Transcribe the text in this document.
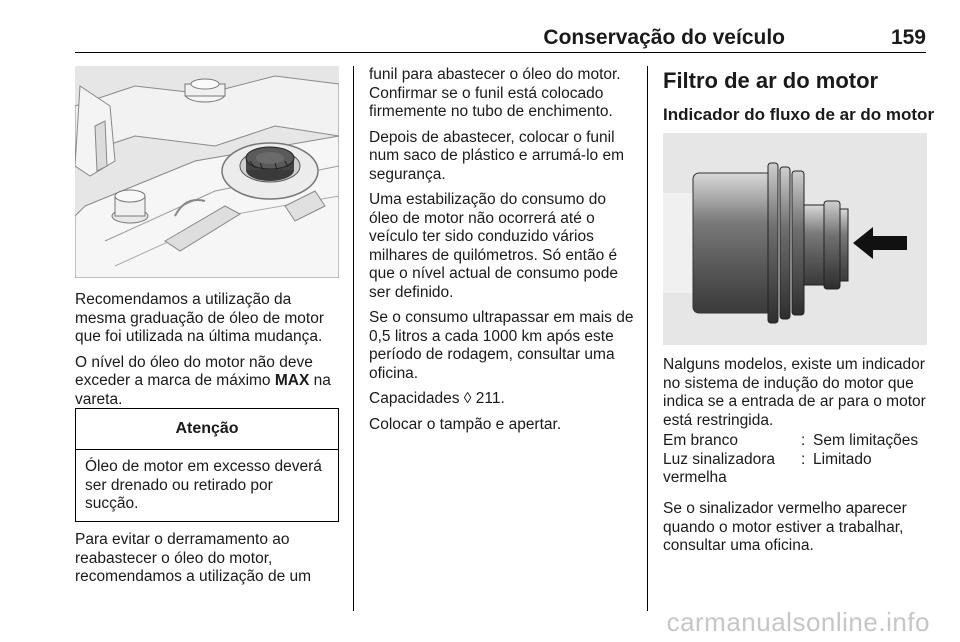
Conservação do veículo	159

Recomendamos a utilização da mesma graduação de óleo de motor que foi utilizada na última mudança.

O nível do óleo do motor não deve exceder a marca de máximo MAX na vareta.

Atenção
Óleo de motor em excesso deverá ser drenado ou retirado por sucção.
Para evitar o derramamento ao reabastecer o óleo do motor, recomendamos a utilização de um

funil para abastecer o óleo do motor. Confirmar se o funil está colocado firmemente no tubo de enchimento.

Depois de abastecer, colocar o funil num saco de plástico e arrumá-lo em segurança.

Uma estabilização do consumo do óleo de motor não ocorrerá até o veículo ter sido conduzido vários milhares de quilómetros. Só então é que o nível actual de consumo pode ser definido.

Se o consumo ultrapassar em mais de 0,5 litros a cada 1000 km após este período de rodagem, consultar uma oficina.

Capacidades ◊ 211.

Colocar o tampão e apertar.

Filtro de ar do motor
Indicador do fluxo de ar do motor

Nalguns modelos, existe um indicador no sistema de indução do motor que indica se a entrada de ar para o motor está restringida.

Em branco	: Sem limitações
Luz sinalizadora vermelha
: Limitado
Se o sinalizador vermelho aparecer quando o motor estiver a trabalhar, consultar uma oficina.
carmanualsonline.info
